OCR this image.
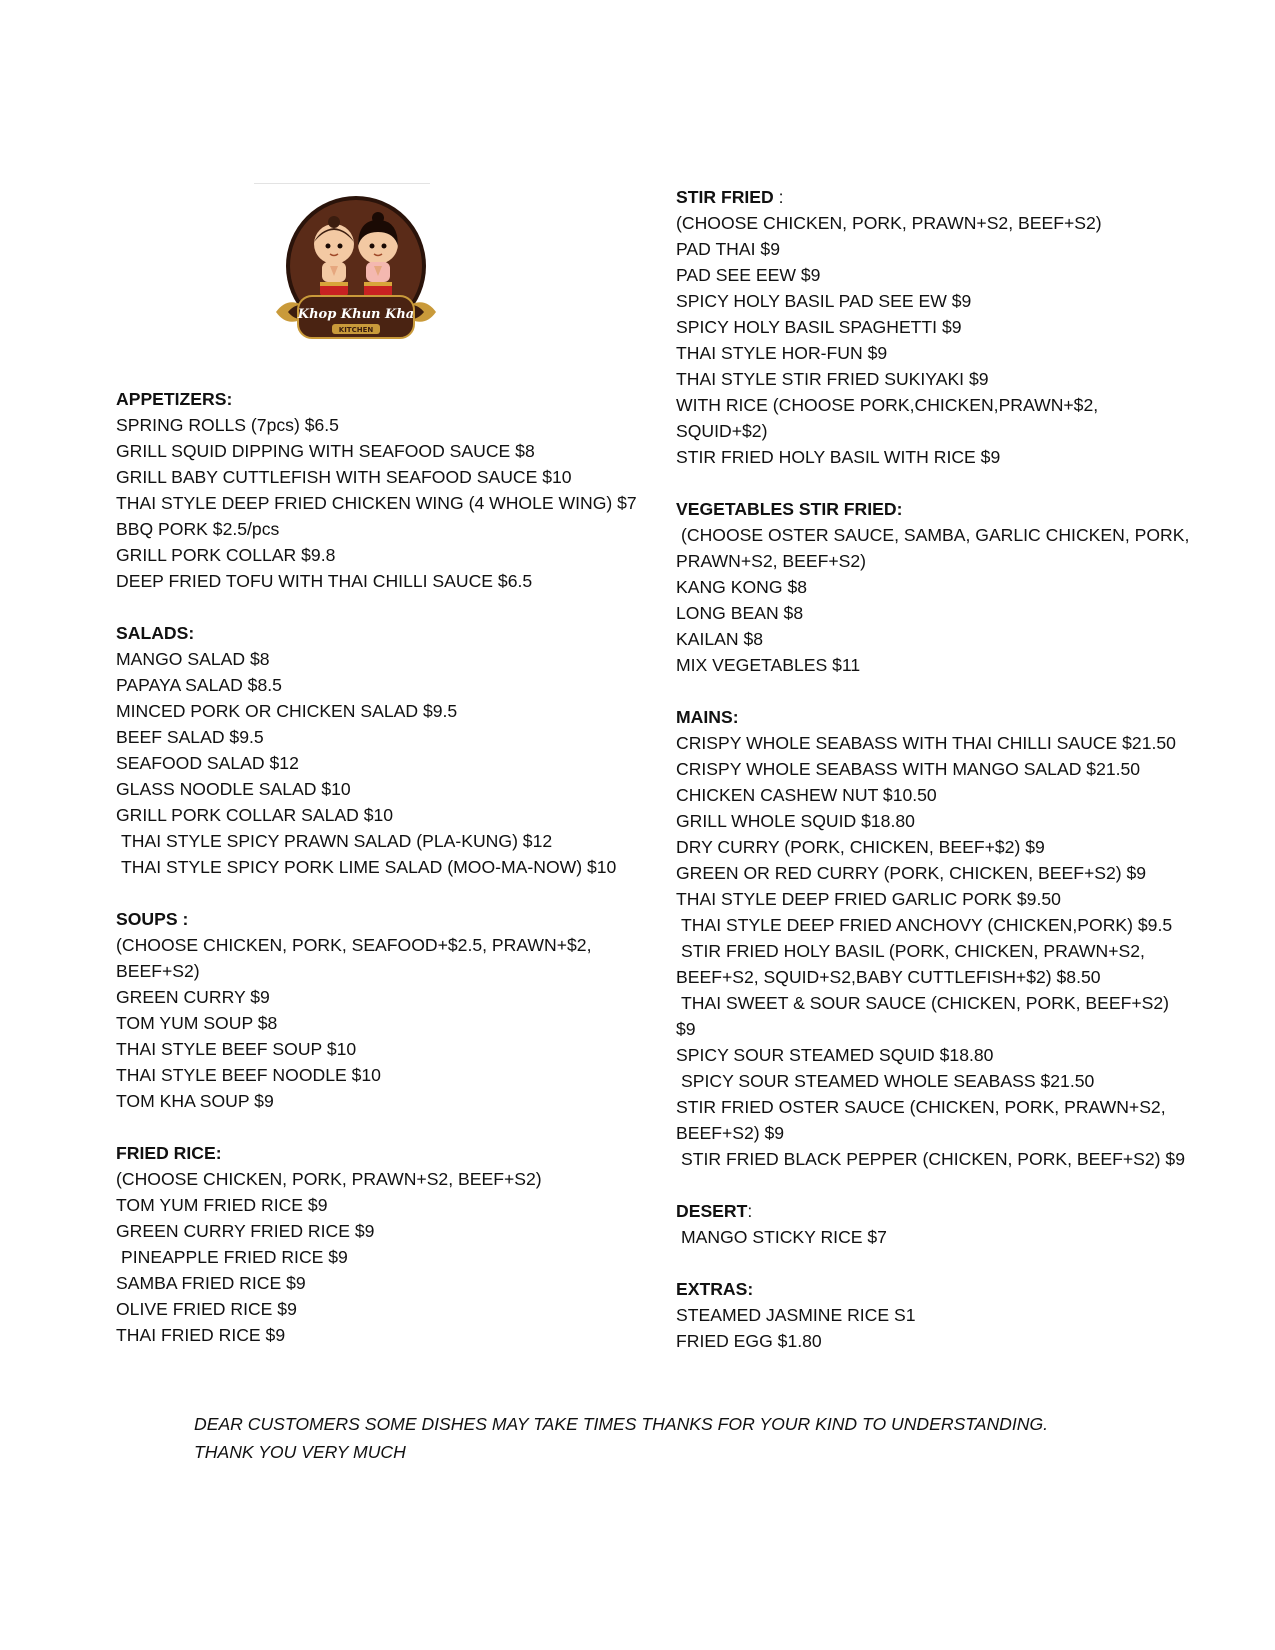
Khop Khun Kha
KITCHEN
APPETIZERS:
SPRING ROLLS (7pcs) $6.5
GRILL SQUID DIPPING WITH SEAFOOD SAUCE $8
GRILL BABY CUTTLEFISH WITH SEAFOOD SAUCE $10
THAI STYLE DEEP FRIED CHICKEN WING (4 WHOLE WING) $7
BBQ PORK $2.5/pcs
GRILL PORK COLLAR $9.8
DEEP FRIED TOFU WITH THAI CHILLI SAUCE $6.5
SALADS:
MANGO SALAD $8
PAPAYA SALAD $8.5
MINCED PORK OR CHICKEN SALAD $9.5
BEEF SALAD $9.5
SEAFOOD SALAD $12
GLASS NOODLE SALAD $10
GRILL PORK COLLAR SALAD $10
THAI STYLE SPICY PRAWN SALAD (PLA-KUNG) $12
THAI STYLE SPICY PORK LIME SALAD (MOO-MA-NOW) $10
SOUPS :
(CHOOSE CHICKEN, PORK, SEAFOOD+$2.5, PRAWN+$2,
BEEF+S2)
GREEN CURRY $9
TOM YUM SOUP $8
THAI STYLE BEEF SOUP $10
THAI STYLE BEEF NOODLE $10
TOM KHA SOUP $9
FRIED RICE:
(CHOOSE CHICKEN, PORK, PRAWN+S2, BEEF+S2)
TOM YUM FRIED RICE $9
GREEN CURRY FRIED RICE $9
PINEAPPLE FRIED RICE $9
SAMBA FRIED RICE $9
OLIVE FRIED RICE $9
THAI FRIED RICE $9
STIR FRIED :
(CHOOSE CHICKEN, PORK, PRAWN+S2, BEEF+S2)
PAD THAI $9
PAD SEE EEW $9
SPICY HOLY BASIL PAD SEE EW $9
SPICY HOLY BASIL SPAGHETTI $9
THAI STYLE HOR-FUN $9
THAI STYLE STIR FRIED SUKIYAKI $9
WITH RICE (CHOOSE PORK,CHICKEN,PRAWN+$2,
SQUID+$2)
STIR FRIED HOLY BASIL WITH RICE $9
VEGETABLES STIR FRIED:
(CHOOSE OSTER SAUCE, SAMBA, GARLIC CHICKEN, PORK,
PRAWN+S2, BEEF+S2)
KANG KONG $8
LONG BEAN $8
KAILAN $8
MIX VEGETABLES $11
MAINS:
CRISPY WHOLE SEABASS WITH THAI CHILLI SAUCE $21.50
CRISPY WHOLE SEABASS WITH MANGO SALAD $21.50
CHICKEN CASHEW NUT $10.50
GRILL WHOLE SQUID $18.80
DRY CURRY (PORK, CHICKEN, BEEF+$2) $9
GREEN OR RED CURRY (PORK, CHICKEN, BEEF+S2) $9
THAI STYLE DEEP FRIED GARLIC PORK $9.50
THAI STYLE DEEP FRIED ANCHOVY (CHICKEN,PORK) $9.5
STIR FRIED HOLY BASIL (PORK, CHICKEN, PRAWN+S2,
BEEF+S2, SQUID+S2,BABY CUTTLEFISH+$2) $8.50
THAI SWEET & SOUR SAUCE (CHICKEN, PORK, BEEF+S2)
$9
SPICY SOUR STEAMED SQUID $18.80
SPICY SOUR STEAMED WHOLE SEABASS $21.50
STIR FRIED OSTER SAUCE (CHICKEN, PORK, PRAWN+S2,
BEEF+S2) $9
STIR FRIED BLACK PEPPER (CHICKEN, PORK, BEEF+S2) $9
DESERT:
MANGO STICKY RICE $7
EXTRAS:
STEAMED JASMINE RICE S1
FRIED EGG $1.80
DEAR CUSTOMERS SOME DISHES MAY TAKE TIMES THANKS FOR YOUR KIND TO UNDERSTANDING.
THANK YOU VERY MUCH
